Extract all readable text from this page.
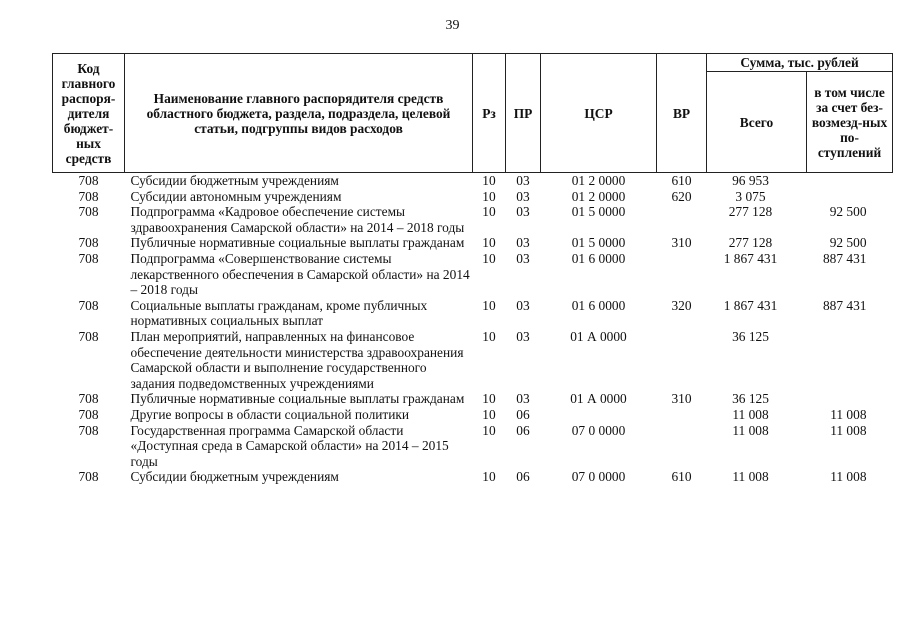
39
Код главного распоря-дителя бюджет-ных средств	Наименование главного распорядителя средств областного бюджета, раздела, подраздела, целевой статьи, подгруппы видов расходов	Рз	ПР	ЦСР	ВР	Сумма, тыс. рублей	
						Всего	в том числе за счет без-возмезд-ных по-ступлений
708	Субсидии бюджетным учреждениям	10	03	01 2 0000	610	96 953	
708	Субсидии автономным учреждениям	10	03	01 2 0000	620	3 075	
708	Подпрограмма «Кадровое обеспечение системы здравоохранения Самарской области» на 2014 – 2018 годы	10	03	01 5 0000		277 128	92 500
708	Публичные нормативные социальные выплаты гражданам	10	03	01 5 0000	310	277 128	92 500
708	Подпрограмма «Совершенствование системы лекарственного обеспечения в Самарской области» на 2014 – 2018 годы	10	03	01 6 0000		1 867 431	887 431
708	Социальные выплаты гражданам, кроме публичных нормативных социальных выплат	10	03	01 6 0000	320	1 867 431	887 431
708	План мероприятий, направленных на финансовое обеспечение деятельности министерства здравоохранения Самарской области и выполнение государственного задания подведомственных учреждениями	10	03	01 А 0000		36 125	
708	Публичные нормативные социальные выплаты гражданам	10	03	01 А 0000	310	36 125	
708	Другие вопросы в области социальной политики	10	06			11 008	11 008
708	Государственная программа Самарской области «Доступная среда в Самарской области» на 2014 – 2015 годы	10	06	07 0 0000		11 008	11 008
708	Субсидии бюджетным учреждениям	10	06	07 0 0000	610	11 008	11 008
